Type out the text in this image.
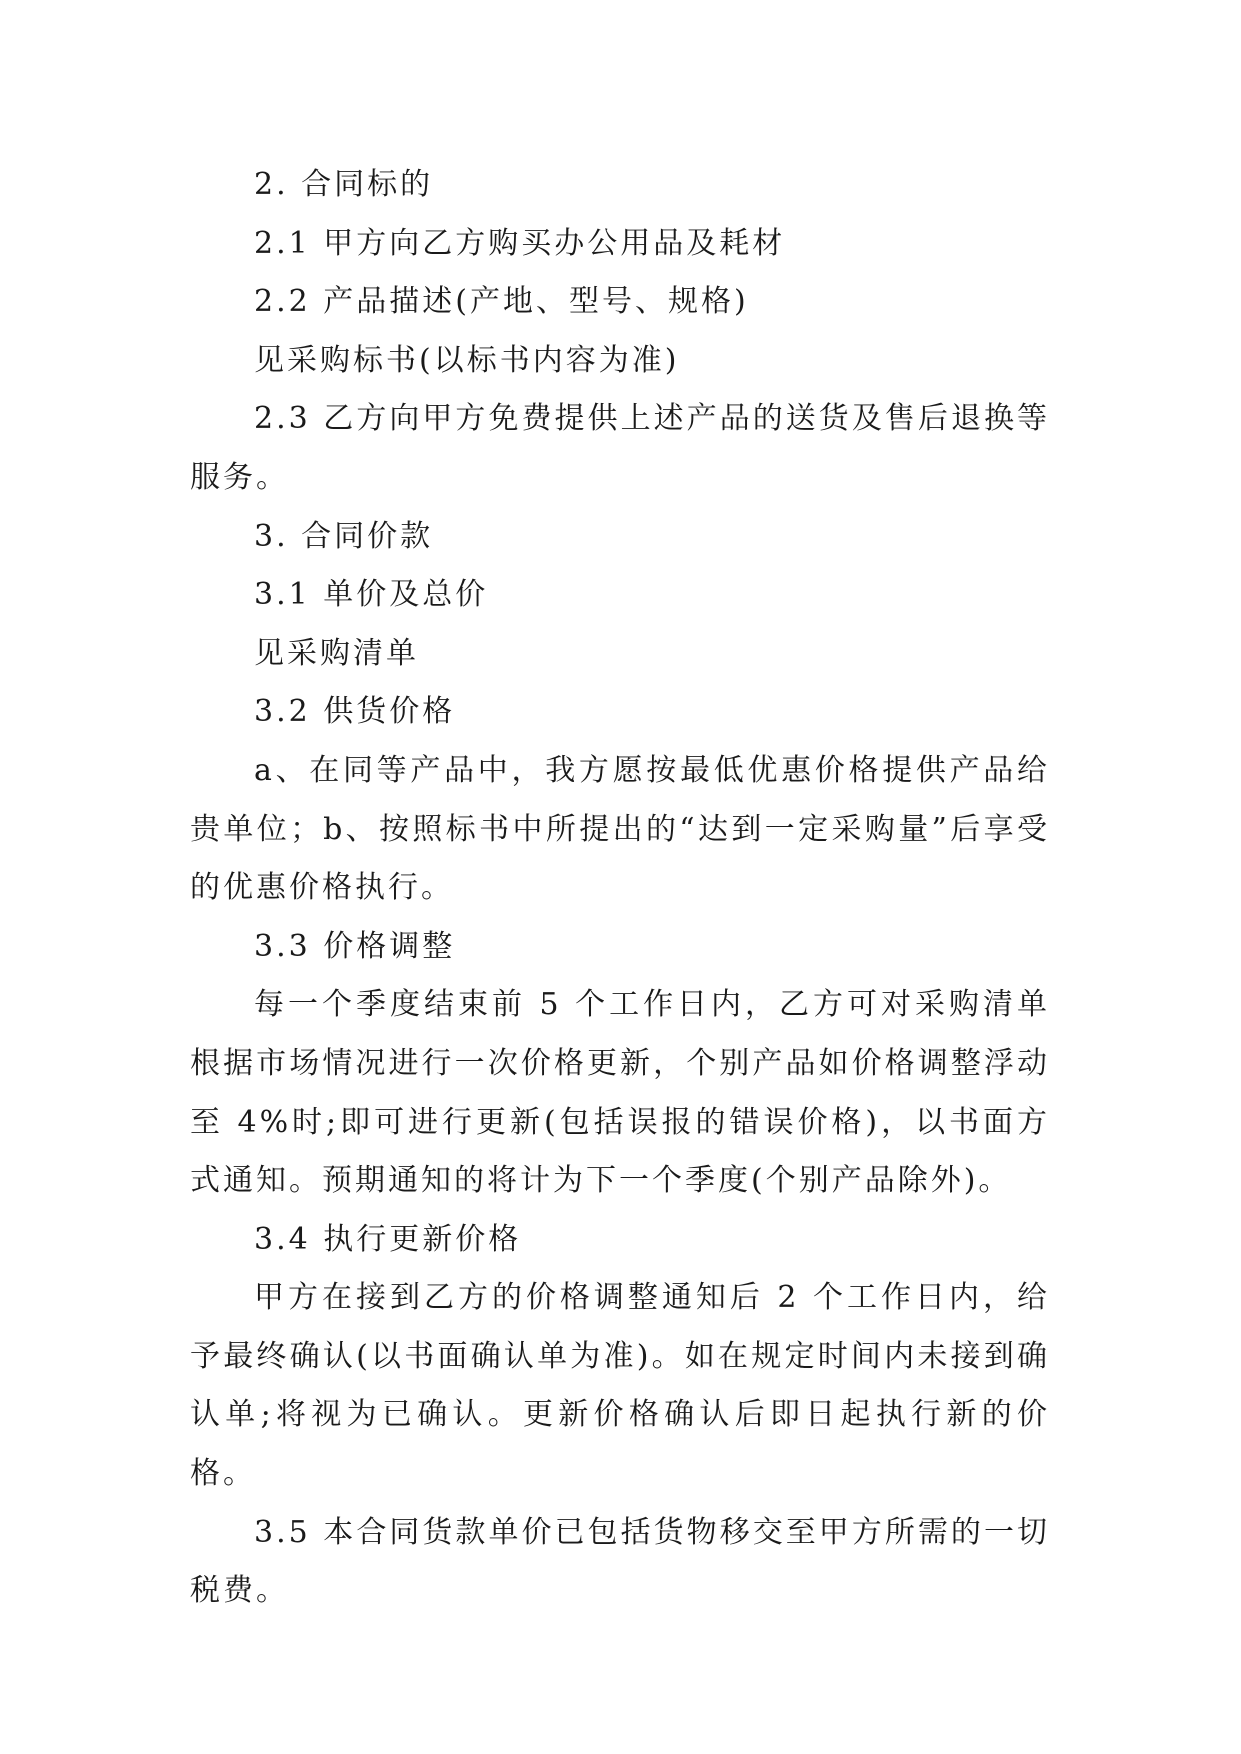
2. 合同标的

2.1 甲方向乙方购买办公用品及耗材

2.2 产品描述(产地、型号、规格)

见采购标书(以标书内容为准)

2.3 乙方向甲方免费提供上述产品的送货及售后退换等服务。

3. 合同价款

3.1 单价及总价

见采购清单

3.2 供货价格

a、在同等产品中，我方愿按最低优惠价格提供产品给贵单位；b、按照标书中所提出的“达到一定采购量”后享受的优惠价格执行。

3.3 价格调整

每一个季度结束前 5 个工作日内，乙方可对采购清单根据市场情况进行一次价格更新，个别产品如价格调整浮动至 4%时;即可进行更新(包括误报的错误价格)，以书面方式通知。预期通知的将计为下一个季度(个别产品除外)。

3.4 执行更新价格

甲方在接到乙方的价格调整通知后 2 个工作日内，给予最终确认(以书面确认单为准)。如在规定时间内未接到确认单;将视为已确认。更新价格确认后即日起执行新的价格。

3.5 本合同货款单价已包括货物移交至甲方所需的一切税费。
